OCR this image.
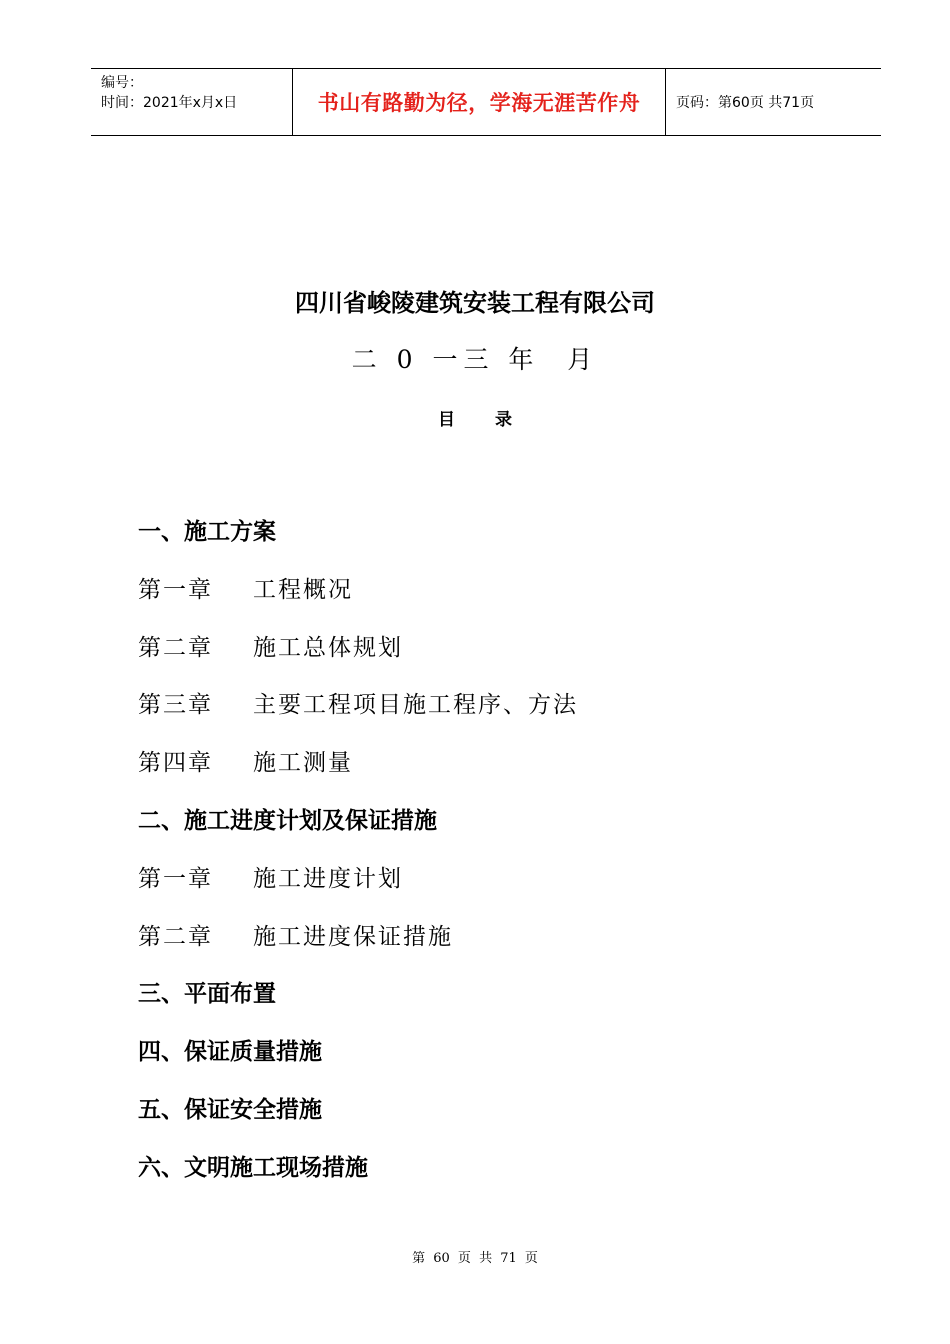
编号：
时间：2021年x月x日	书山有路勤为径，学海无涯苦作舟	页码：第60页 共71页
四川省峻陵建筑安装工程有限公司
二 0 一三 年  月
目录
一、施工方案
第一章 工程概况
第二章 施工总体规划
第三章 主要工程项目施工程序、方法
第四章 施工测量
二、施工进度计划及保证措施
第一章 施工进度计划
第二章 施工进度保证措施
三、平面布置
四、保证质量措施
五、保证安全措施
六、文明施工现场措施
第 60 页 共 71 页
